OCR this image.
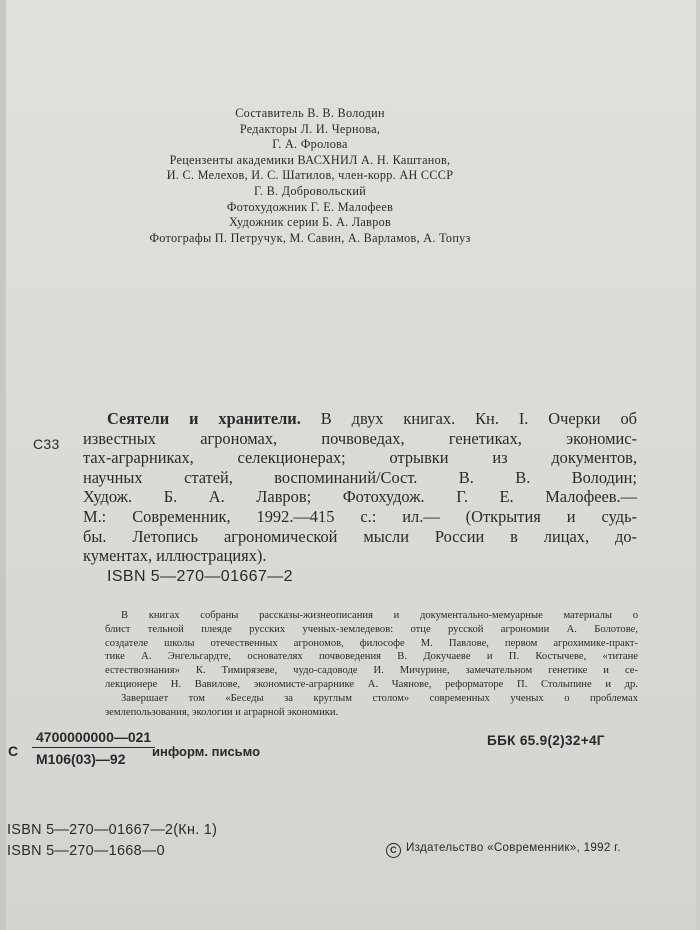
Составитель В. В. Володин
Редакторы Л. И. Чернова,
Г. А. Фролова
Рецензенты академики ВАСХНИЛ А. Н. Каштанов,
И. С. Мелехов, И. С. Шатилов, член-корр. АН СССР
Г. В. Добровольский
Фотохудожник Г. Е. Малофеев
Художник серии Б. А. Лавров
Фотографы П. Петручук, М. Савин, А. Варламов, А. Топуз
С33
Сеятели и хранители. В двух книгах. Кн. I. Очерки об
известных агрономах, почвоведах, генетиках, экономис-
тах-аграрниках, селекционерах; отрывки из документов,
научных статей, воспоминаний/Сост. В. В. Володин;
Худож. Б. А. Лавров; Фотохудож. Г. Е. Малофеев.—
М.: Современник, 1992.—415 с.: ил.— (Открытия и судь-
бы. Летопись агрономической мысли России в лицах, до-
кументах, иллюстрациях).
ISBN 5—270—01667—2
В книгах собраны рассказы-жизнеописания и документально-мемуарные материалы о
блист тельной плеяде русских ученых-земледевов: отце русской агрономии А. Болотове,
создателе школы отечественных агрономов, философе М. Павлове, первом агрохимике-практ-
тике А. Энгельгардте, основателях почвоведения В. Докучаеве и П. Костычеве, «титане
естествознания» К. Тимирязеве, чудо-садоводе И. Мичурине, замечательном генетике и се-
лекционере Н. Вавилове, экономисте-аграрнике А. Чаянове, реформаторе П. Столыпине и др.
Завершает том «Беседы за круглым столом» современных ученых о проблемах
землепользования, экологии и аграрной экономики.
С
4700000000—021
М106(03)—92	информ. письмо
ББК 65.9(2)32+4Г
ISBN 5—270—01667—2(Кн. 1)
ISBN 5—270—1668—0	С Издательство «Современник», 1992 г.
